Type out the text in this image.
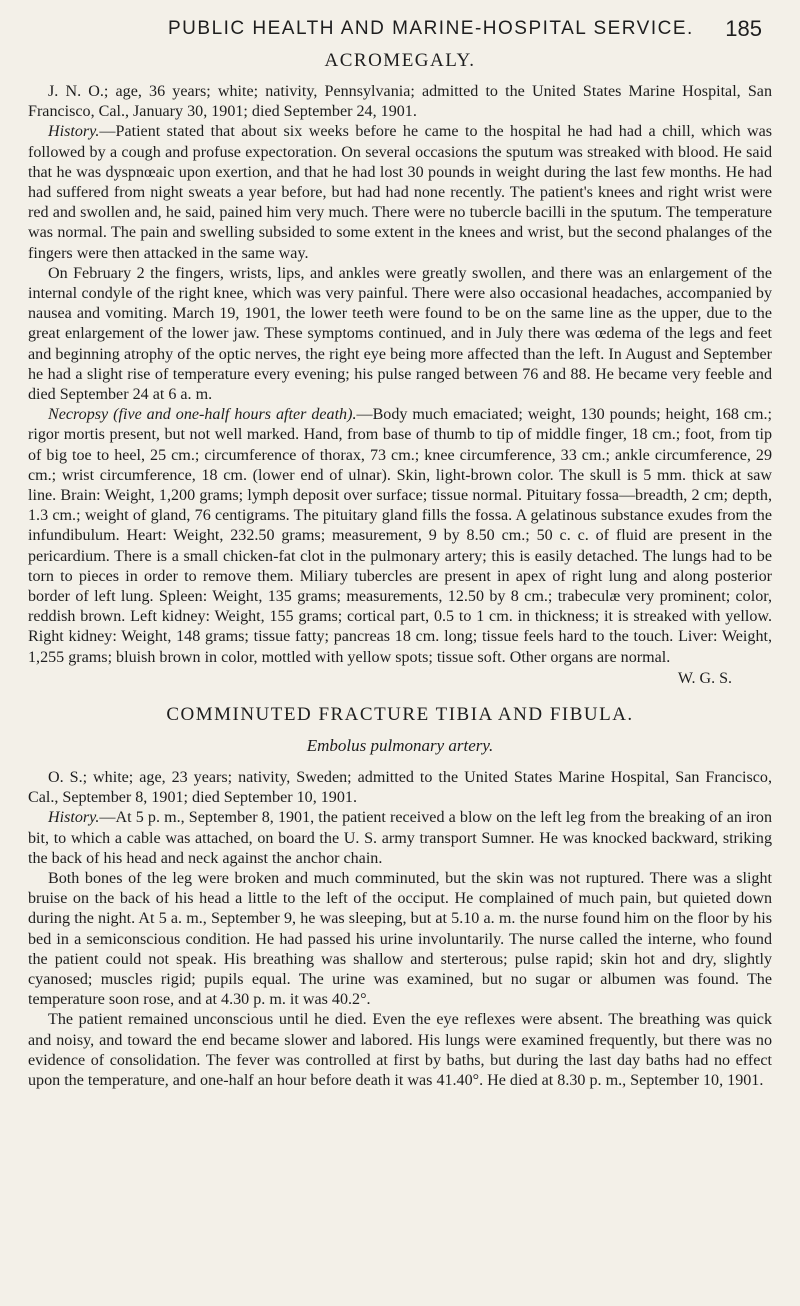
PUBLIC HEALTH AND MARINE-HOSPITAL SERVICE. 185
ACROMEGALY.

J. N. O.; age, 36 years; white; nativity, Pennsylvania; admitted to the United States Marine Hospital, San Francisco, Cal., January 30, 1901; died September 24, 1901.

History.—Patient stated that about six weeks before he came to the hospital he had had a chill, which was followed by a cough and profuse expectoration. On several occasions the sputum was streaked with blood. He said that he was dyspnœaic upon exertion, and that he had lost 30 pounds in weight during the last few months. He had had suffered from night sweats a year before, but had had none recently. The patient's knees and right wrist were red and swollen and, he said, pained him very much. There were no tubercle bacilli in the sputum. The temperature was normal. The pain and swelling subsided to some extent in the knees and wrist, but the second phalanges of the fingers were then attacked in the same way.

On February 2 the fingers, wrists, lips, and ankles were greatly swollen, and there was an enlargement of the internal condyle of the right knee, which was very painful. There were also occasional headaches, accompanied by nausea and vomiting. March 19, 1901, the lower teeth were found to be on the same line as the upper, due to the great enlargement of the lower jaw. These symptoms continued, and in July there was œdema of the legs and feet and beginning atrophy of the optic nerves, the right eye being more affected than the left. In August and September he had a slight rise of temperature every evening; his pulse ranged between 76 and 88. He became very feeble and died September 24 at 6 a. m.

Necropsy (five and one-half hours after death).—Body much emaciated; weight, 130 pounds; height, 168 cm.; rigor mortis present, but not well marked. Hand, from base of thumb to tip of middle finger, 18 cm.; foot, from tip of big toe to heel, 25 cm.; circumference of thorax, 73 cm.; knee circumference, 33 cm.; ankle circumference, 29 cm.; wrist circumference, 18 cm. (lower end of ulnar). Skin, light-brown color. The skull is 5 mm. thick at saw line. Brain: Weight, 1,200 grams; lymph deposit over surface; tissue normal. Pituitary fossa—breadth, 2 cm; depth, 1.3 cm.; weight of gland, 76 centigrams. The pituitary gland fills the fossa. A gelatinous substance exudes from the infundibulum. Heart: Weight, 232.50 grams; measurement, 9 by 8.50 cm.; 50 c. c. of fluid are present in the pericardium. There is a small chicken-fat clot in the pulmonary artery; this is easily detached. The lungs had to be torn to pieces in order to remove them. Miliary tubercles are present in apex of right lung and along posterior border of left lung. Spleen: Weight, 135 grams; measurements, 12.50 by 8 cm.; trabeculæ very prominent; color, reddish brown. Left kidney: Weight, 155 grams; cortical part, 0.5 to 1 cm. in thickness; it is streaked with yellow. Right kidney: Weight, 148 grams; tissue fatty; pancreas 18 cm. long; tissue feels hard to the touch. Liver: Weight, 1,255 grams; bluish brown in color, mottled with yellow spots; tissue soft. Other organs are normal.

W. G. S.
COMMINUTED FRACTURE TIBIA AND FIBULA.
Embolus pulmonary artery.

O. S.; white; age, 23 years; nativity, Sweden; admitted to the United States Marine Hospital, San Francisco, Cal., September 8, 1901; died September 10, 1901.

History.—At 5 p. m., September 8, 1901, the patient received a blow on the left leg from the breaking of an iron bit, to which a cable was attached, on board the U. S. army transport Sumner. He was knocked backward, striking the back of his head and neck against the anchor chain.

Both bones of the leg were broken and much comminuted, but the skin was not ruptured. There was a slight bruise on the back of his head a little to the left of the occiput. He complained of much pain, but quieted down during the night. At 5 a. m., September 9, he was sleeping, but at 5.10 a. m. the nurse found him on the floor by his bed in a semiconscious condition. He had passed his urine involuntarily. The nurse called the interne, who found the patient could not speak. His breathing was shallow and sterterous; pulse rapid; skin hot and dry, slightly cyanosed; muscles rigid; pupils equal. The urine was examined, but no sugar or albumen was found. The temperature soon rose, and at 4.30 p. m. it was 40.2°.

The patient remained unconscious until he died. Even the eye reflexes were absent. The breathing was quick and noisy, and toward the end became slower and labored. His lungs were examined frequently, but there was no evidence of consolidation. The fever was controlled at first by baths, but during the last day baths had no effect upon the temperature, and one-half an hour before death it was 41.40°. He died at 8.30 p. m., September 10, 1901.
